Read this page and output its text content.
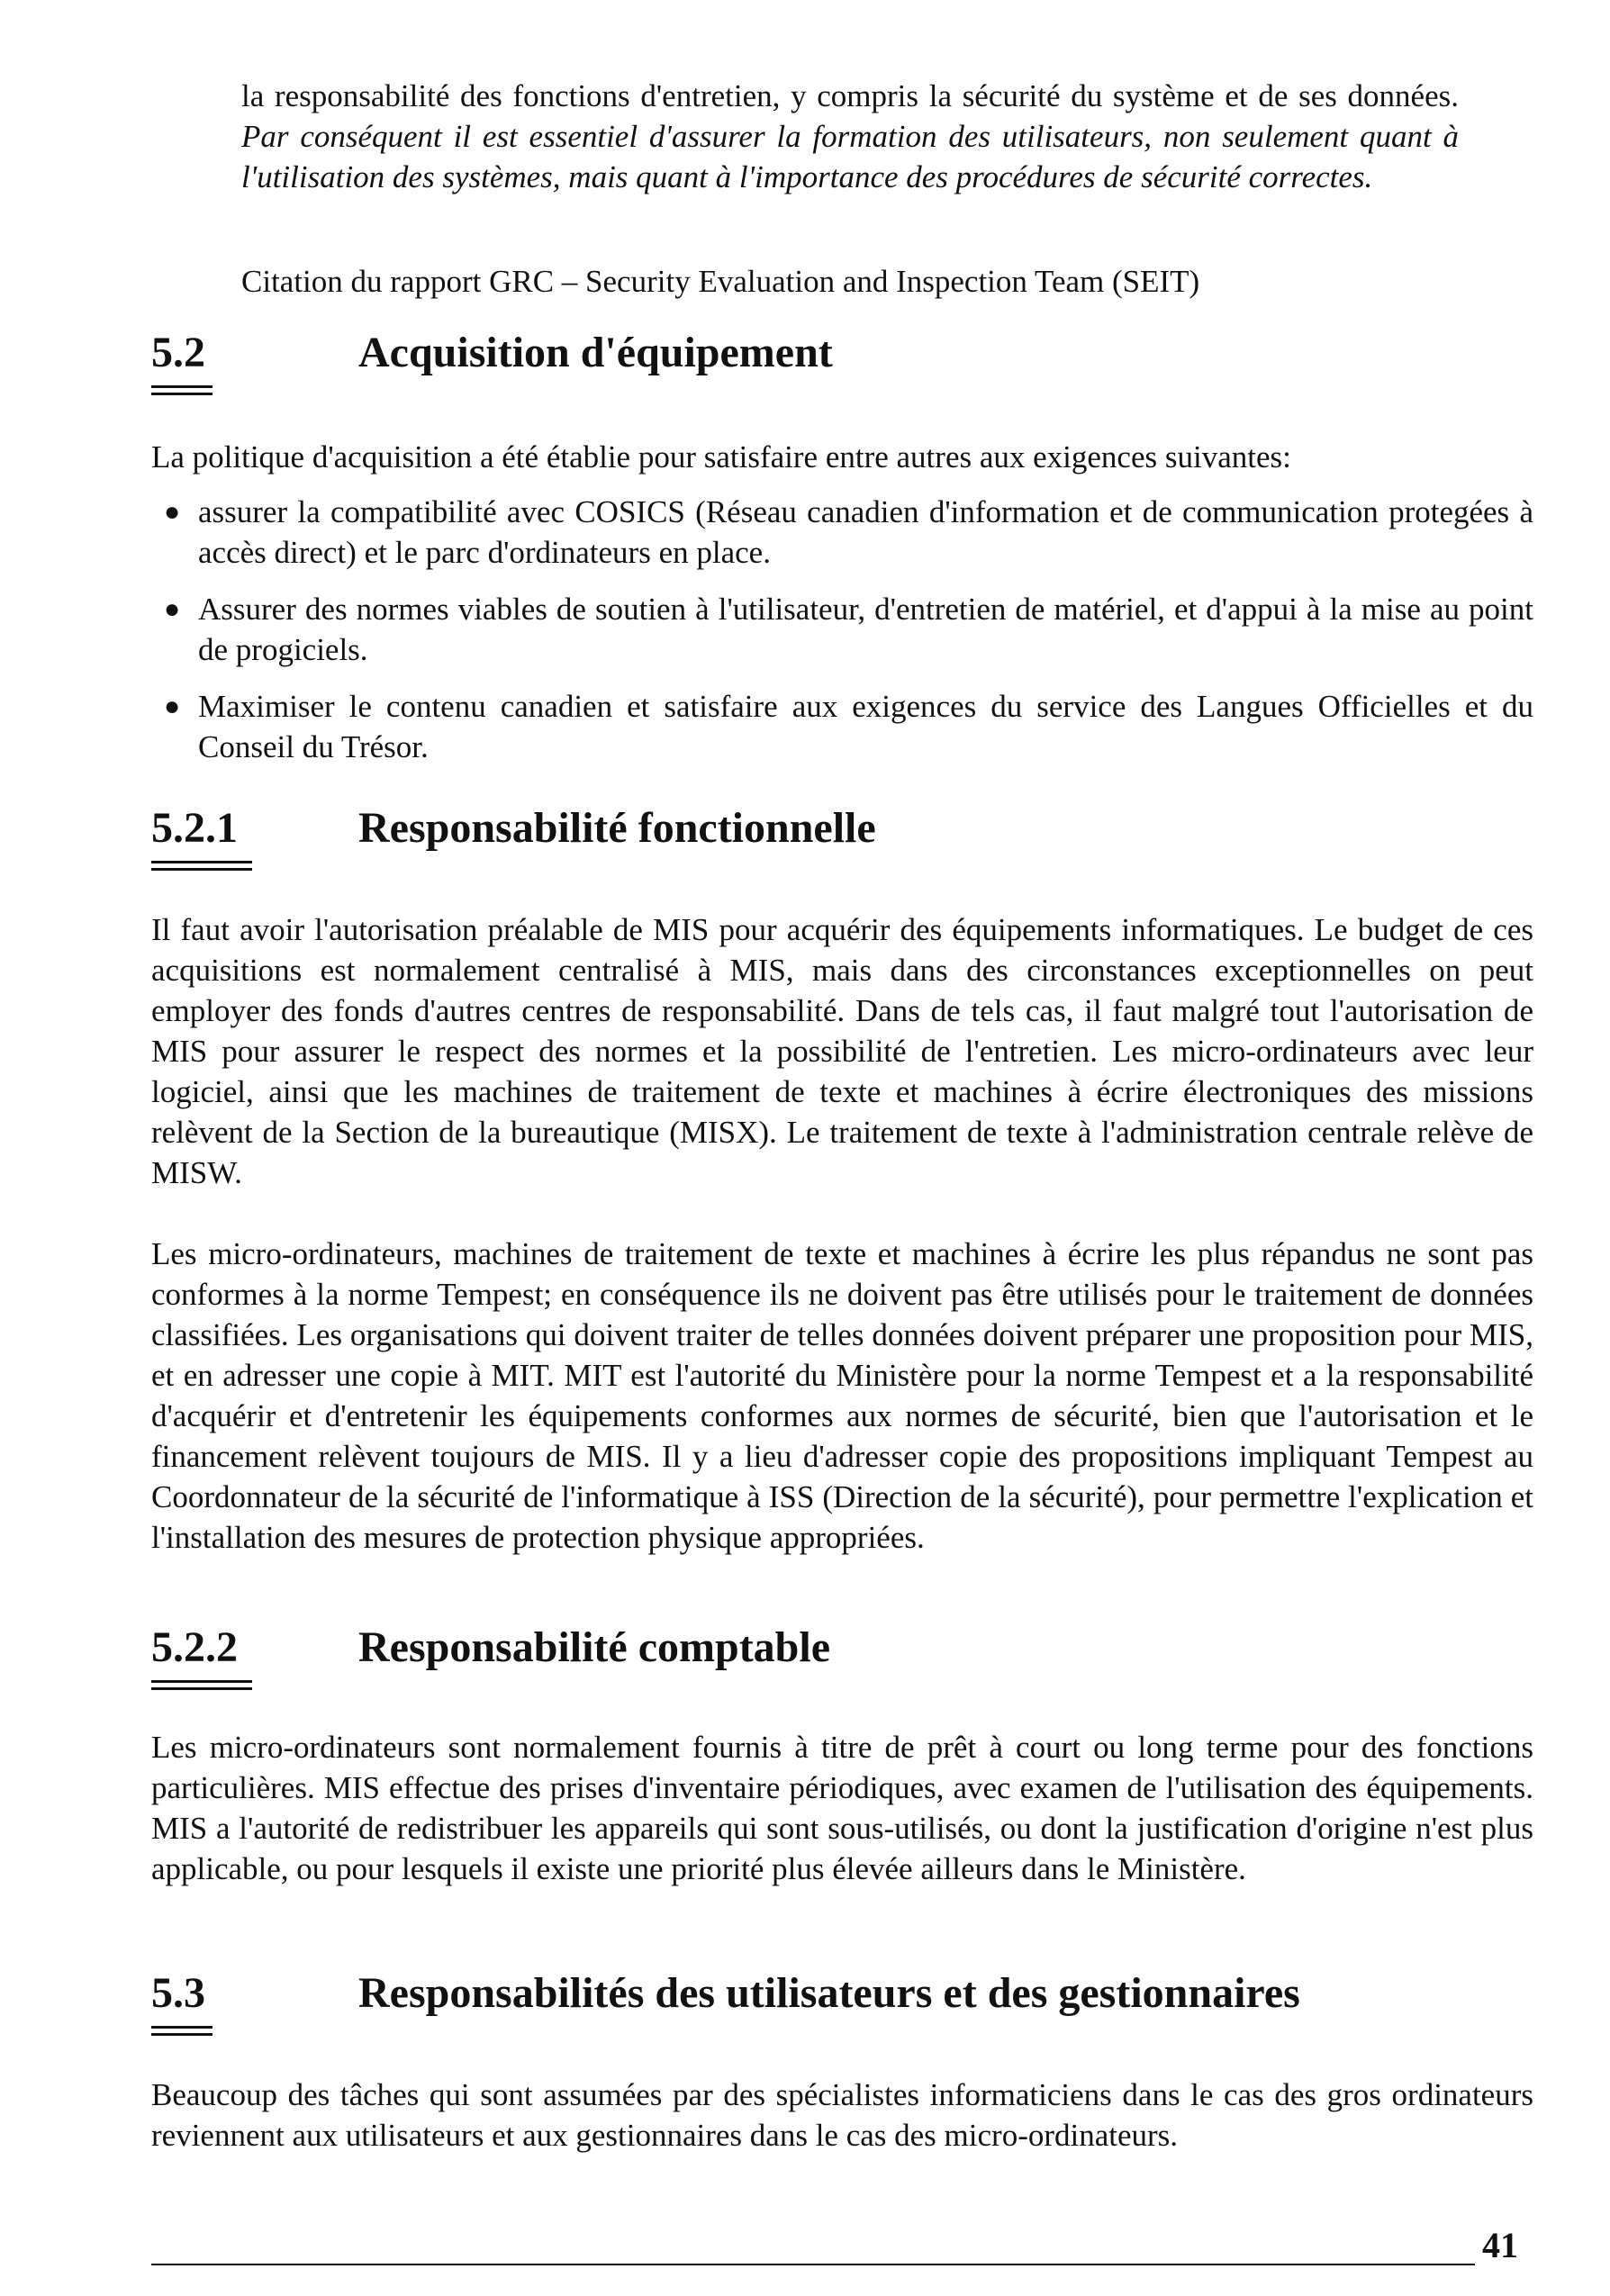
la responsabilité des fonctions d'entretien, y compris la sécurité du système et de ses données. Par conséquent il est essentiel d'assurer la formation des utilisateurs, non seulement quant à l'utilisation des systèmes, mais quant à l'importance des procédures de sécurité correctes.

Citation du rapport GRC – Security Evaluation and Inspection Team (SEIT)

5.2	Acquisition d'équipement

La politique d'acquisition a été établie pour satisfaire entre autres aux exigences suivantes:

● assurer la compatibilité avec COSICS (Réseau canadien d'information et de communication protegées à accès direct) et le parc d'ordinateurs en place.
● Assurer des normes viables de soutien à l'utilisateur, d'entretien de matériel, et d'appui à la mise au point de progiciels.
● Maximiser le contenu canadien et satisfaire aux exigences du service des Langues Officielles et du Conseil du Trésor.
5.2.1	Responsabilité fonctionnelle

Il faut avoir l'autorisation préalable de MIS pour acquérir des équipements informatiques. Le budget de ces acquisitions est normalement centralisé à MIS, mais dans des circonstances exceptionnelles on peut employer des fonds d'autres centres de responsabilité. Dans de tels cas, il faut malgré tout l'autorisation de MIS pour assurer le respect des normes et la possibilité de l'entretien. Les micro-ordinateurs avec leur logiciel, ainsi que les machines de traitement de texte et machines à écrire électroniques des missions relèvent de la Section de la bureautique (MISX). Le traitement de texte à l'administration centrale relève de MISW.

Les micro-ordinateurs, machines de traitement de texte et machines à écrire les plus répandus ne sont pas conformes à la norme Tempest; en conséquence ils ne doivent pas être utilisés pour le traitement de données classifiées. Les organisations qui doivent traiter de telles données doivent préparer une proposition pour MIS, et en adresser une copie à MIT. MIT est l'autorité du Ministère pour la norme Tempest et a la responsabilité d'acquérir et d'entretenir les équipements conformes aux normes de sécurité, bien que l'autorisation et le financement relèvent toujours de MIS. Il y a lieu d'adresser copie des propositions impliquant Tempest au Coordonnateur de la sécurité de l'informatique à ISS (Direction de la sécurité), pour permettre l'explication et l'installation des mesures de protection physique appropriées.

5.2.2	Responsabilité comptable

Les micro-ordinateurs sont normalement fournis à titre de prêt à court ou long terme pour des fonctions particulières. MIS effectue des prises d'inventaire périodiques, avec examen de l'utilisation des équipements. MIS a l'autorité de redistribuer les appareils qui sont sous-utilisés, ou dont la justification d'origine n'est plus applicable, ou pour lesquels il existe une priorité plus élevée ailleurs dans le Ministère.

5.3	Responsabilités des utilisateurs et des gestionnaires

Beaucoup des tâches qui sont assumées par des spécialistes informaticiens dans le cas des gros ordinateurs reviennent aux utilisateurs et aux gestionnaires dans le cas des micro-ordinateurs.

41
